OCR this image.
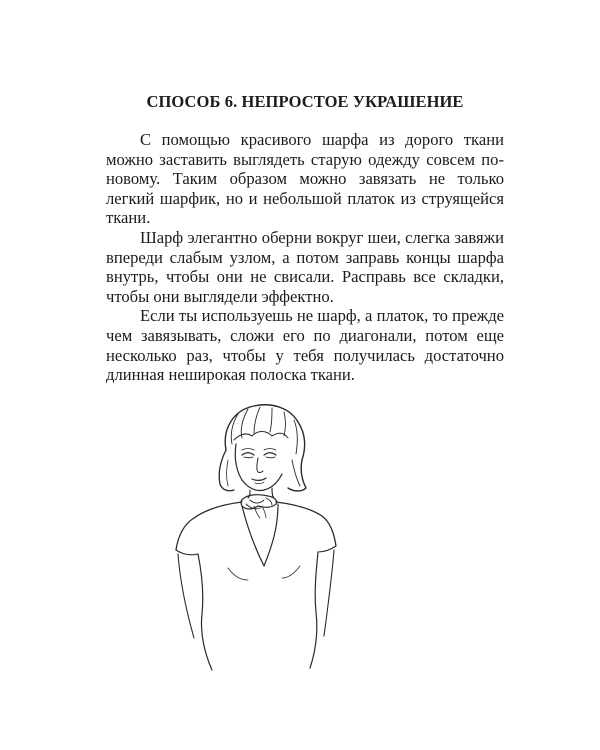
СПОСОБ 6. НЕПРОСТОЕ УКРАШЕНИЕ

С помощью красивого шарфа из дорого ткани можно заставить выглядеть старую одежду совсем по-новому. Таким образом можно завязать не только легкий шарфик, но и небольшой платок из струящейся ткани.

Шарф элегантно оберни вокруг шеи, слегка завяжи впереди слабым узлом, а потом заправь концы шарфа внутрь, чтобы они не свисали. Расправь все складки, чтобы они выглядели эффектно.

Если ты используешь не шарф, а платок, то прежде чем завязывать, сложи его по диагонали, потом еще несколько раз, чтобы у тебя получилась достаточно длинная неширокая полоска ткани.
